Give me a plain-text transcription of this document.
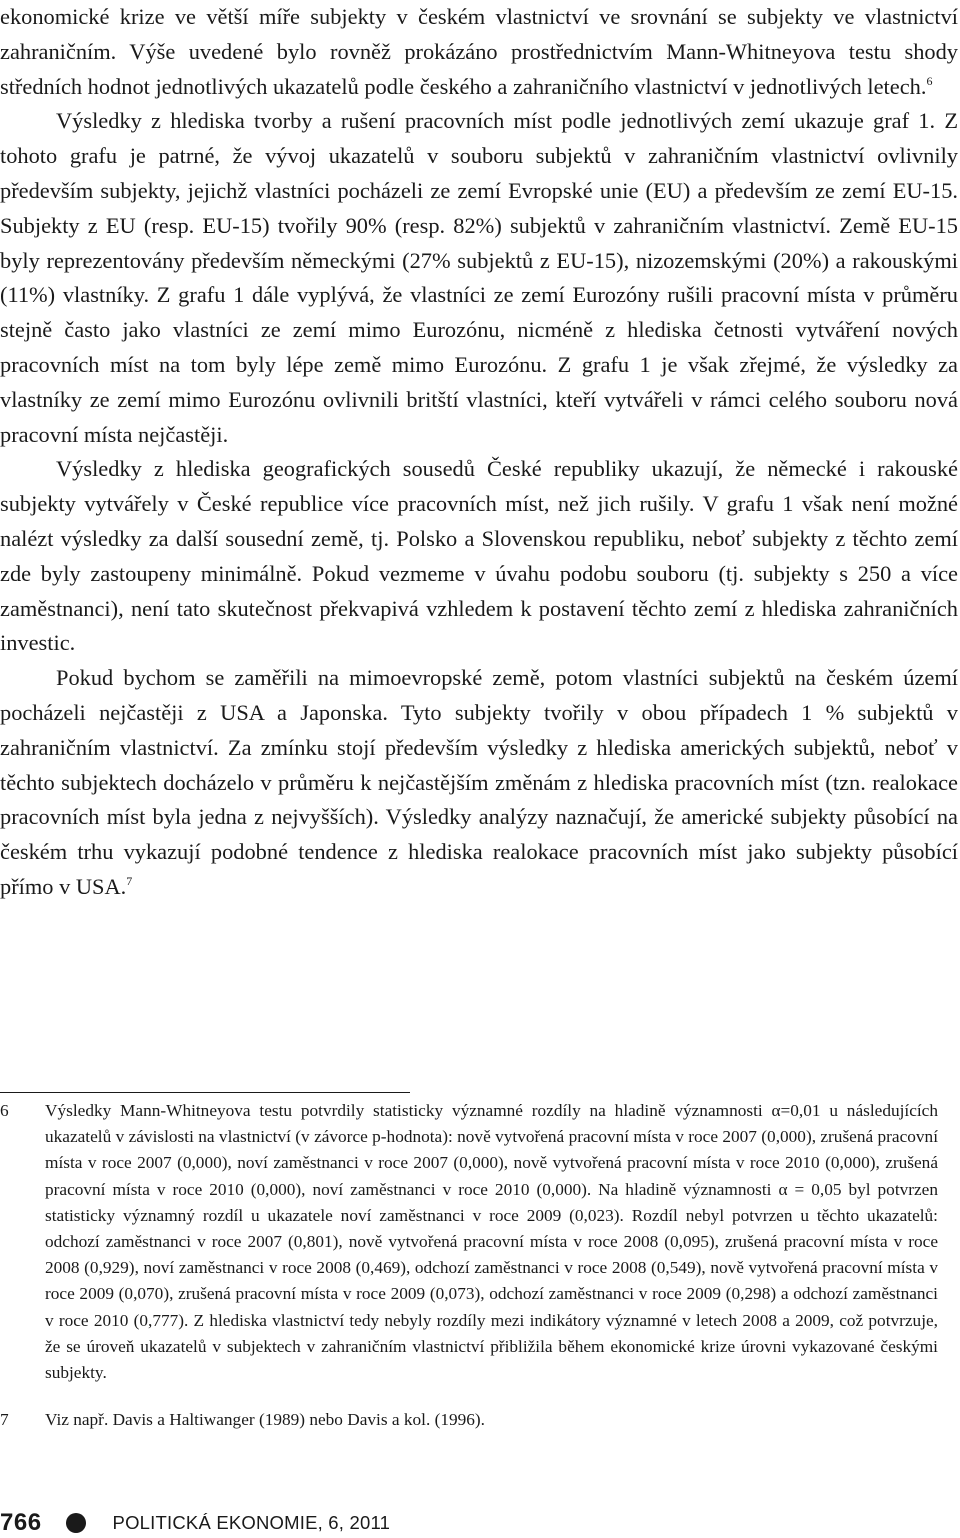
ekonomické krize ve větší míře subjekty v českém vlastnictví ve srovnání se subjekty ve vlastnictví zahraničním. Výše uvedené bylo rovněž prokázáno prostřednictvím Mann-Whitneyova testu shody středních hodnot jednotlivých ukazatelů podle českého a zahraničního vlastnictví v jednotlivých letech.$^6$

Výsledky z hlediska tvorby a rušení pracovních míst podle jednotlivých zemí ukazuje graf 1. Z tohoto grafu je patrné, že vývoj ukazatelů v souboru subjektů v zahraničním vlastnictví ovlivnily především subjekty, jejichž vlastníci pocházeli ze zemí Evropské unie (EU) a především ze zemí EU-15. Subjekty z EU (resp. EU-15) tvořily 90% (resp. 82%) subjektů v zahraničním vlastnictví. Země EU-15 byly reprezentovány především německými (27% subjektů z EU-15), nizozemskými (20%) a rakouskými (11%) vlastníky. Z grafu 1 dále vyplývá, že vlastníci ze zemí Eurozóny rušili pracovní místa v průměru stejně často jako vlastníci ze zemí mimo Eurozónu, nicméně z hlediska četnosti vytváření nových pracovních míst na tom byly lépe země mimo Eurozónu. Z grafu 1 je však zřejmé, že výsledky za vlastníky ze zemí mimo Eurozónu ovlivnili britští vlastníci, kteří vytvářeli v rámci celého souboru nová pracovní místa nejčastěji.

Výsledky z hlediska geografických sousedů České republiky ukazují, že německé i rakouské subjekty vytvářely v České republice více pracovních míst, než jich rušily. V grafu 1 však není možné nalézt výsledky za další sousední země, tj. Polsko a Slovenskou republiku, neboť subjekty z těchto zemí zde byly zastoupeny minimálně. Pokud vezmeme v úvahu podobu souboru (tj. subjekty s 250 a více zaměstnanci), není tato skutečnost překvapivá vzhledem k postavení těchto zemí z hlediska zahraničních investic.

Pokud bychom se zaměřili na mimoevropské země, potom vlastníci subjektů na českém území pocházeli nejčastěji z USA a Japonska. Tyto subjekty tvořily v obou případech 1 % subjektů v zahraničním vlastnictví. Za zmínku stojí především výsledky z hlediska amerických subjektů, neboť v těchto subjektech docházelo v průměru k nejčastějším změnám z hlediska pracovních míst (tzn. realokace pracovních míst byla jedna z nejvyšších). Výsledky analýzy naznačují, že americké subjekty působící na českém trhu vykazují podobné tendence z hlediska realokace pracovních míst jako subjekty působící přímo v USA.$^7$

6 Výsledky Mann-Whitneyova testu potvrdily statisticky významné rozdíly na hladině významnosti α=0,01 u následujících ukazatelů v závislosti na vlastnictví (v závorce p-hodnota): nově vytvořená pracovní místa v roce 2007 (0,000), zrušená pracovní místa v roce 2007 (0,000), noví zaměstnanci v roce 2007 (0,000), nově vytvořená pracovní místa v roce 2010 (0,000), zrušená pracovní místa v roce 2010 (0,000), noví zaměstnanci v roce 2010 (0,000). Na hladině významnosti α = 0,05 byl potvrzen statisticky významný rozdíl u ukazatele noví zaměstnanci v roce 2009 (0,023). Rozdíl nebyl potvrzen u těchto ukazatelů: odchozí zaměstnanci v roce 2007 (0,801), nově vytvořená pracovní místa v roce 2008 (0,095), zrušená pracovní místa v roce 2008 (0,929), noví zaměstnanci v roce 2008 (0,469), odchozí zaměstnanci v roce 2008 (0,549), nově vytvořená pracovní místa v roce 2009 (0,070), zrušená pracovní místa v roce 2009 (0,073), odchozí zaměstnanci v roce 2009 (0,298) a odchozí zaměstnanci v roce 2010 (0,777). Z hlediska vlastnictví tedy nebyly rozdíly mezi indikátory významné v letech 2008 a 2009, což potvrzuje, že se úroveň ukazatelů v subjektech v zahraničním vlastnictví přibližila během ekonomické krize úrovni vykazované českými subjekty.
7 Viz např. Davis a Haltiwanger (1989) nebo Davis a kol. (1996).
766	POLITICKÁ EKONOMIE, 6, 2011
